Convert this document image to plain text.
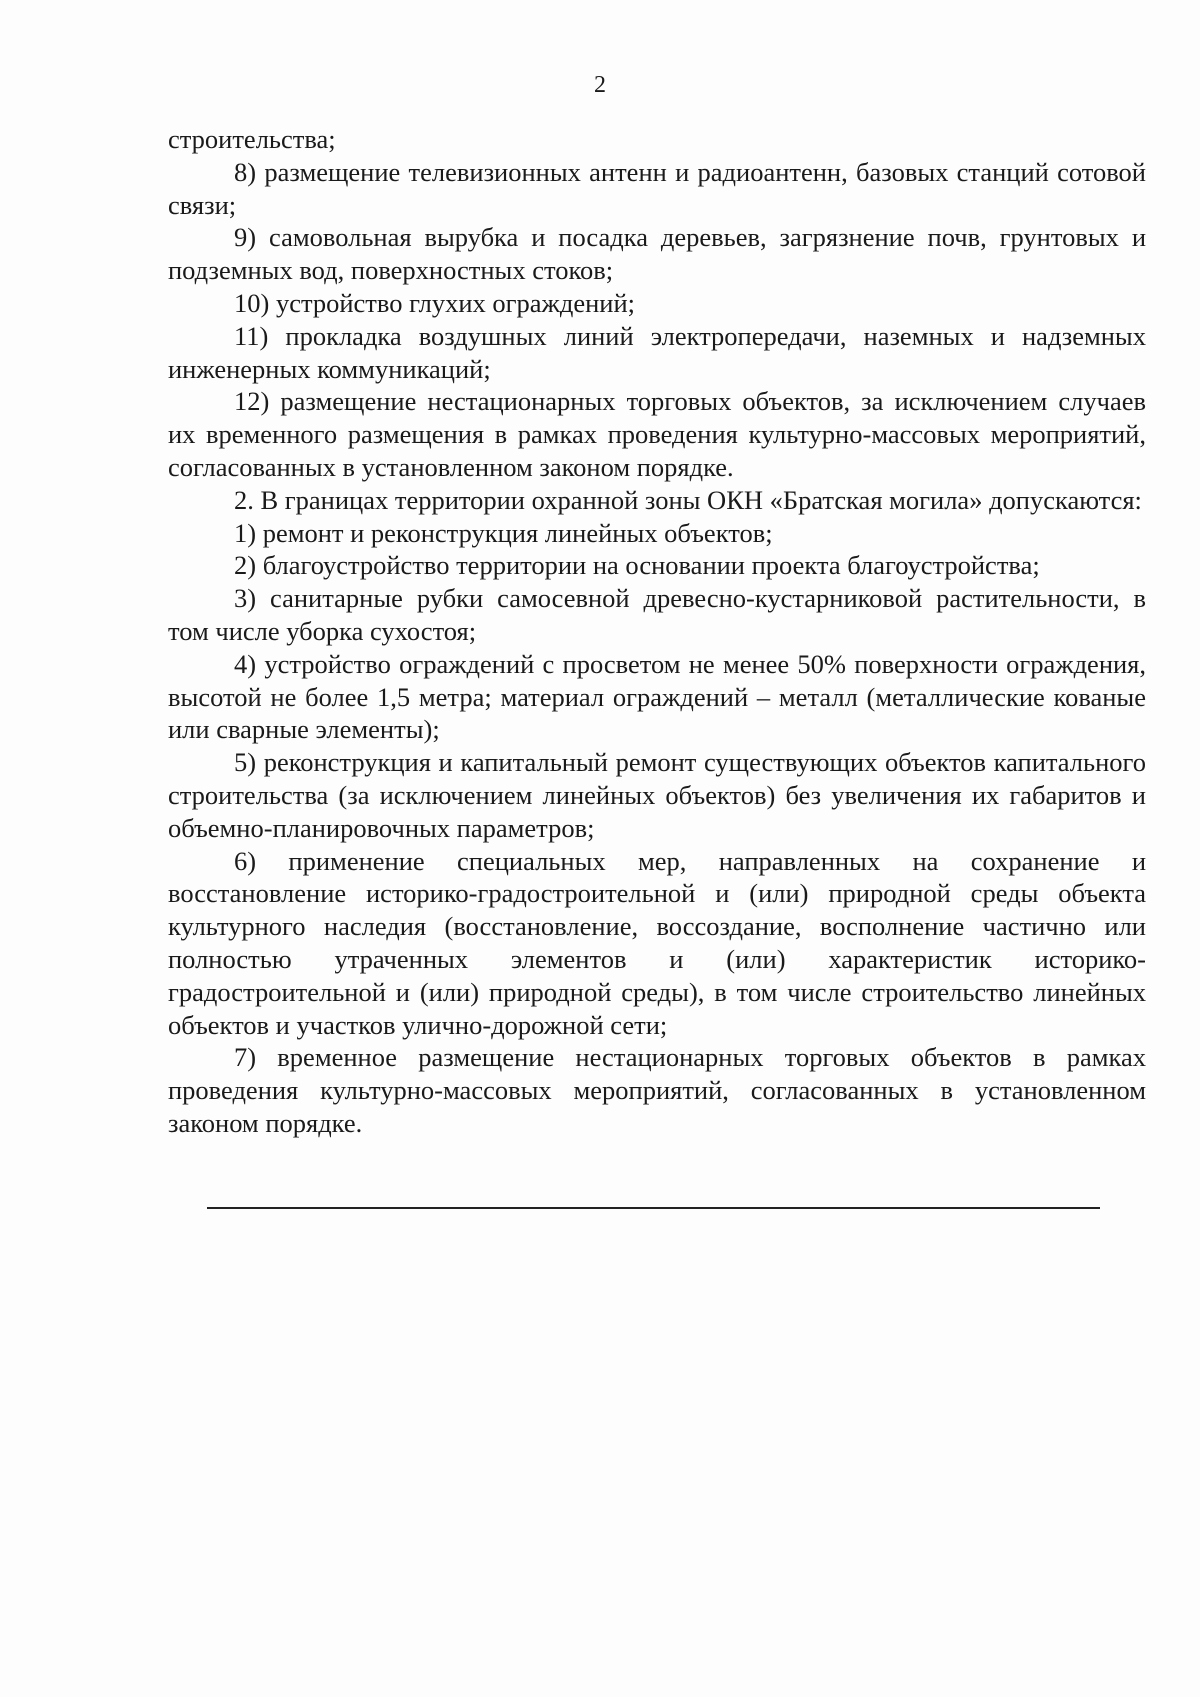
2

строительства;

8) размещение телевизионных антенн и радиоантенн, базовых станций сотовой связи;

9) самовольная вырубка и посадка деревьев, загрязнение почв, грунтовых и подземных вод, поверхностных стоков;

10) устройство глухих ограждений;

11) прокладка воздушных линий электропередачи, наземных и надземных инженерных коммуникаций;

12) размещение нестационарных торговых объектов, за исключением случаев их временного размещения в рамках проведения культурно-массовых мероприятий, согласованных в установленном законом порядке.

2. В границах территории охранной зоны ОКН «Братская могила» допускаются:

1) ремонт и реконструкция линейных объектов;

2) благоустройство территории на основании проекта благоустройства;

3) санитарные рубки самосевной древесно-кустарниковой растительности, в том числе уборка сухостоя;

4) устройство ограждений с просветом не менее 50% поверхности ограждения, высотой не более 1,5 метра; материал ограждений – металл (металлические кованые или сварные элементы);

5) реконструкция и капитальный ремонт существующих объектов капитального строительства (за исключением линейных объектов) без увеличения их габаритов и объемно-планировочных параметров;

6) применение специальных мер, направленных на сохранение и восстановление историко-градостроительной и (или) природной среды объекта культурного наследия (восстановление, воссоздание, восполнение частично или полностью утраченных элементов и (или) характеристик историко-градостроительной и (или) природной среды), в том числе строительство линейных объектов и участков улично-дорожной сети;

7) временное размещение нестационарных торговых объектов в рамках проведения культурно-массовых мероприятий, согласованных в установленном законом порядке.
